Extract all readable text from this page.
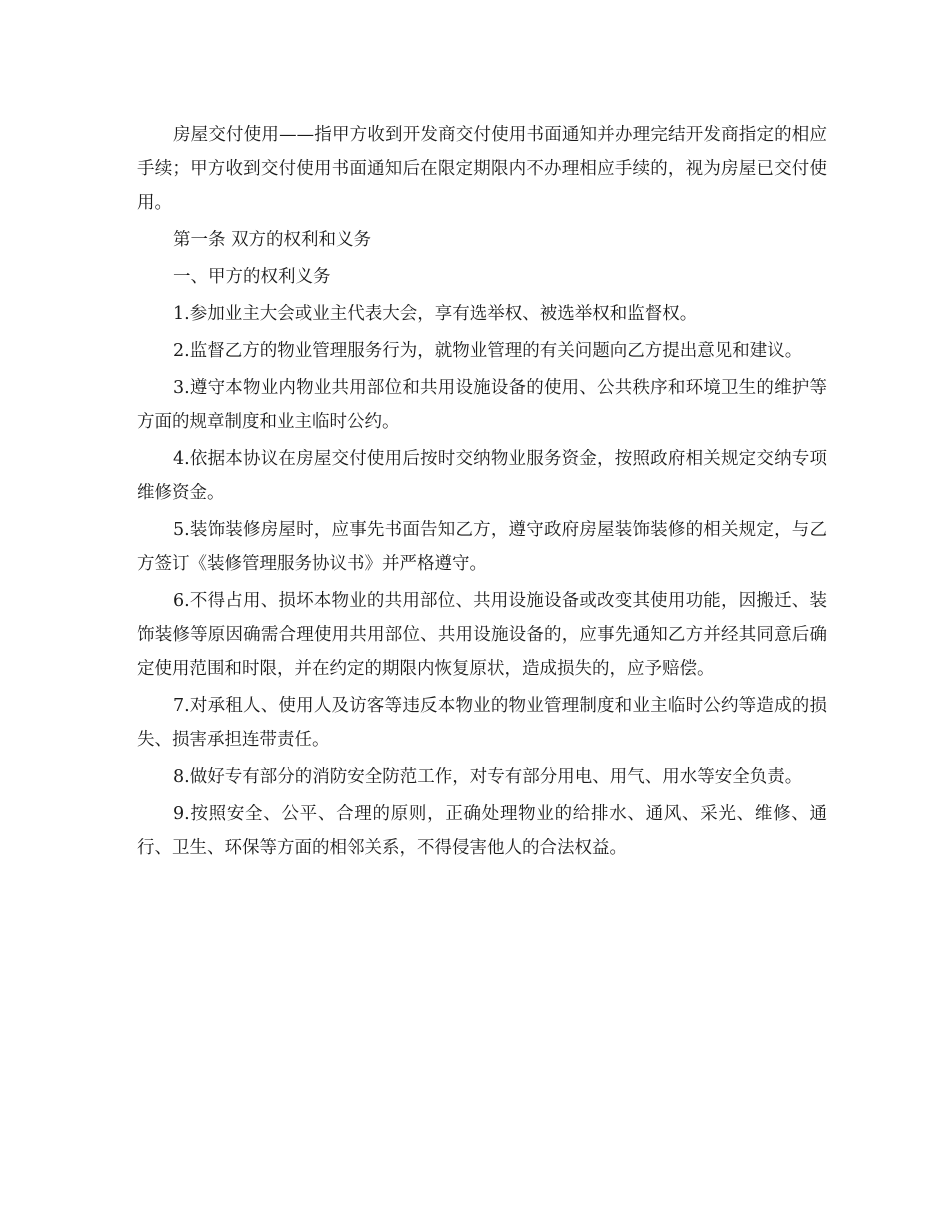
房屋交付使用——指甲方收到开发商交付使用书面通知并办理完结开发商指定的相应手续；甲方收到交付使用书面通知后在限定期限内不办理相应手续的，视为房屋已交付使用。

第一条 双方的权利和义务

一、甲方的权利义务

1.参加业主大会或业主代表大会，享有选举权、被选举权和监督权。

2.监督乙方的物业管理服务行为，就物业管理的有关问题向乙方提出意见和建议。

3.遵守本物业内物业共用部位和共用设施设备的使用、公共秩序和环境卫生的维护等方面的规章制度和业主临时公约。

4.依据本协议在房屋交付使用后按时交纳物业服务资金，按照政府相关规定交纳专项维修资金。

5.装饰装修房屋时，应事先书面告知乙方，遵守政府房屋装饰装修的相关规定，与乙方签订《装修管理服务协议书》并严格遵守。

6.不得占用、损坏本物业的共用部位、共用设施设备或改变其使用功能，因搬迁、装饰装修等原因确需合理使用共用部位、共用设施设备的，应事先通知乙方并经其同意后确定使用范围和时限，并在约定的期限内恢复原状，造成损失的，应予赔偿。

7.对承租人、使用人及访客等违反本物业的物业管理制度和业主临时公约等造成的损失、损害承担连带责任。

8.做好专有部分的消防安全防范工作，对专有部分用电、用气、用水等安全负责。

9.按照安全、公平、合理的原则，正确处理物业的给排水、通风、采光、维修、通行、卫生、环保等方面的相邻关系，不得侵害他人的合法权益。
